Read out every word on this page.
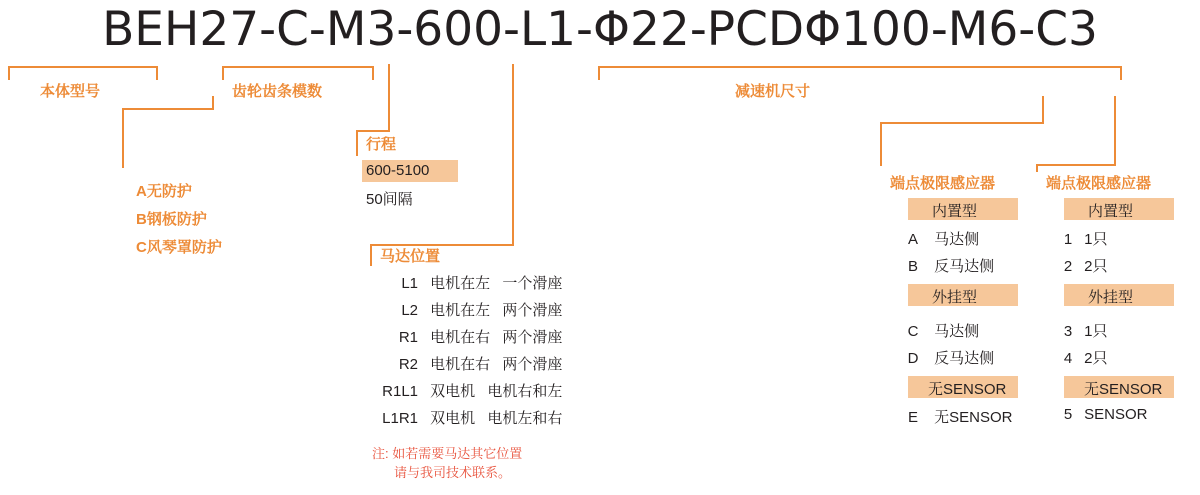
BEH27-C-M3-600-L1-Φ22-PCDΦ100-M6-C3
本体型号	齿轮齿条模数	减速机尺寸
A无防护
B钢板防护
C风琴罩防护
行程
600-5100
50间隔
马达位置
L1 电机在左 一个滑座
L2 电机在左 两个滑座
R1 电机在右 两个滑座
R2 电机在右 两个滑座
R1L1 双电机 电机右和左
L1R1 双电机 电机左和右
注: 如若需要马达其它位置
请与我司技术联系。
端点极限感应器
内置型
A 马达侧
B 反马达侧
外挂型
C 马达侧
D 反马达侧
无SENSOR
E 无SENSOR
端点极限感应器
内置型
1 1只
2 2只
外挂型
3 1只
4 2只
无SENSOR
5 SENSOR
